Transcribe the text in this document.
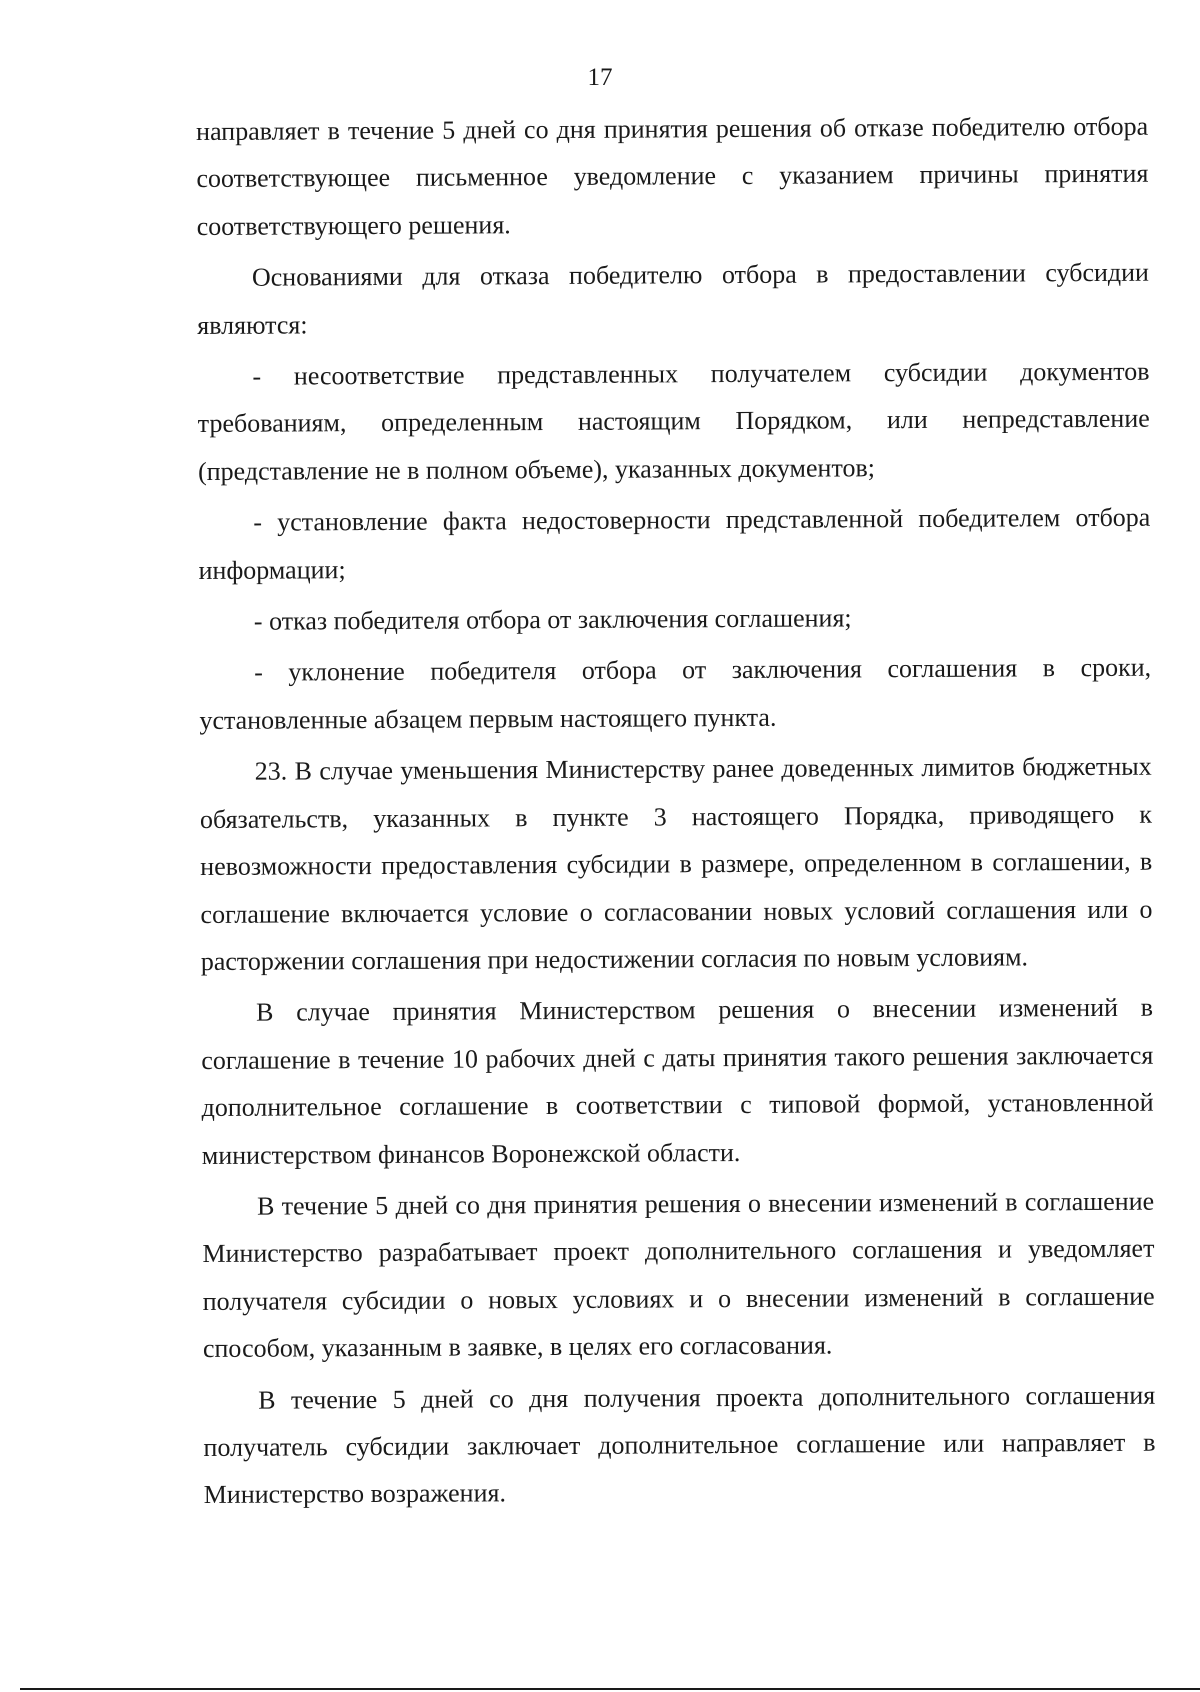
17

направляет в течение 5 дней со дня принятия решения об отказе победителю отбора соответствующее письменное уведомление с указанием причины принятия соответствующего решения.

Основаниями для отказа победителю отбора в предоставлении субсидии являются:

- несоответствие представленных получателем субсидии документов требованиям, определенным настоящим Порядком, или непредставление (представление не в полном объеме), указанных документов;

- установление факта недостоверности представленной победителем отбора информации;

- отказ победителя отбора от заключения соглашения;

- уклонение победителя отбора от заключения соглашения в сроки, установленные абзацем первым настоящего пункта.

23. В случае уменьшения Министерству ранее доведенных лимитов бюджетных обязательств, указанных в пункте 3 настоящего Порядка, приводящего к невозможности предоставления субсидии в размере, определенном в соглашении, в соглашение включается условие о согласовании новых условий соглашения или о расторжении соглашения при недостижении согласия по новым условиям.

В случае принятия Министерством решения о внесении изменений в соглашение в течение 10 рабочих дней с даты принятия такого решения заключается дополнительное соглашение в соответствии с типовой формой, установленной министерством финансов Воронежской области.

В течение 5 дней со дня принятия решения о внесении изменений в соглашение Министерство разрабатывает проект дополнительного соглашения и уведомляет получателя субсидии о новых условиях и о внесении изменений в соглашение способом, указанным в заявке, в целях его согласования.

В течение 5 дней со дня получения проекта дополнительного соглашения получатель субсидии заключает дополнительное соглашение или направляет в Министерство возражения.
